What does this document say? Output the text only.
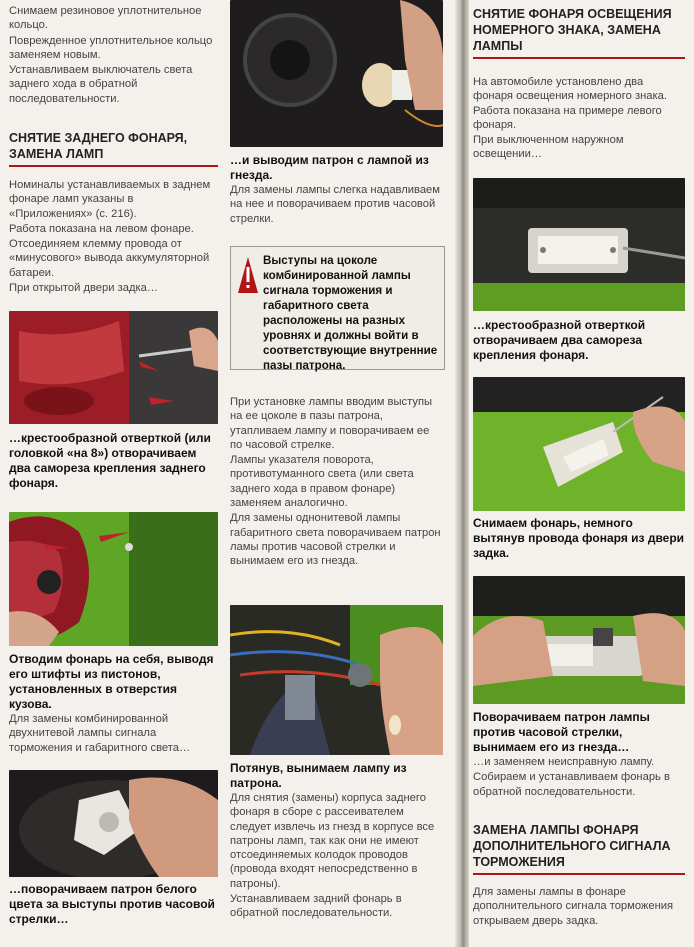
Снимаем резиновое уплотнительное кольцо.

Поврежденное уплотнительное кольцо заменяем новым.

Устанавливаем выключатель света заднего хода в обратной последовательности.

СНЯТИЕ ЗАДНЕГО ФОНАРЯ, ЗАМЕНА ЛАМП

Номиналы устанавливаемых в заднем фонаре ламп указаны в «Приложениях» (с. 216).

Работа показана на левом фонаре.

Отсоединяем клемму провода от «минусового» вывода аккумуляторной батареи.

При открытой двери задка…

…крестообразной отверткой (или головкой «на 8») отворачиваем два самореза крепления заднего фонаря.

Отводим фонарь на себя, выводя его штифты из пистонов, установленных в отверстия кузова.

Для замены комбинированной двухнитевой лампы сигнала торможения и габаритного света…

…поворачиваем патрон белого цвета за выступы против часовой стрелки…

…и выводим патрон с лампой из гнезда.

Для замены лампы слегка надавливаем на нее и поворачиваем против часовой стрелки.

Выступы на цоколе комбинированной лампы сигнала торможения и габаритного света расположены на разных уровнях и должны войти в соответствующие внутренние пазы патрона.

При установке лампы вводим выступы на ее цоколе в пазы патрона, утапливаем лампу и поворачиваем ее по часовой стрелке.

Лампы указателя поворота, противотуманного света (или света заднего хода в правом фонаре) заменяем аналогично.

Для замены однонитевой лампы габаритного света поворачиваем патрон ламы против часовой стрелки и вынимаем его из гнезда.

Потянув, вынимаем лампу из патрона.

Для снятия (замены) корпуса заднего фонаря в сборе с рассеивателем следует извлечь из гнезд в корпусе все патроны ламп, так как они не имеют отсоединяемых колодок проводов (провода входят непосредственно в патроны).

Устанавливаем задний фонарь в обратной последовательности.

СНЯТИЕ ФОНАРЯ ОСВЕЩЕНИЯ НОМЕРНОГО ЗНАКА, ЗАМЕНА ЛАМПЫ

На автомобиле установлено два фонаря освещения номерного знака. Работа показана на примере левого фонаря.

При выключенном наружном освещении…

…крестообразной отверткой отворачиваем два самореза крепления фонаря.

Снимаем фонарь, немного вытянув провода фонаря из двери задка.

Поворачиваем патрон лампы против часовой стрелки, вынимаем его из гнезда…

…и заменяем неисправную лампу.

Собираем и устанавливаем фонарь в обратной последовательности.

ЗАМЕНА ЛАМПЫ ФОНАРЯ ДОПОЛНИТЕЛЬНОГО СИГНАЛА ТОРМОЖЕНИЯ

Для замены лампы в фонаре дополнительного сигнала торможения открываем дверь задка.
